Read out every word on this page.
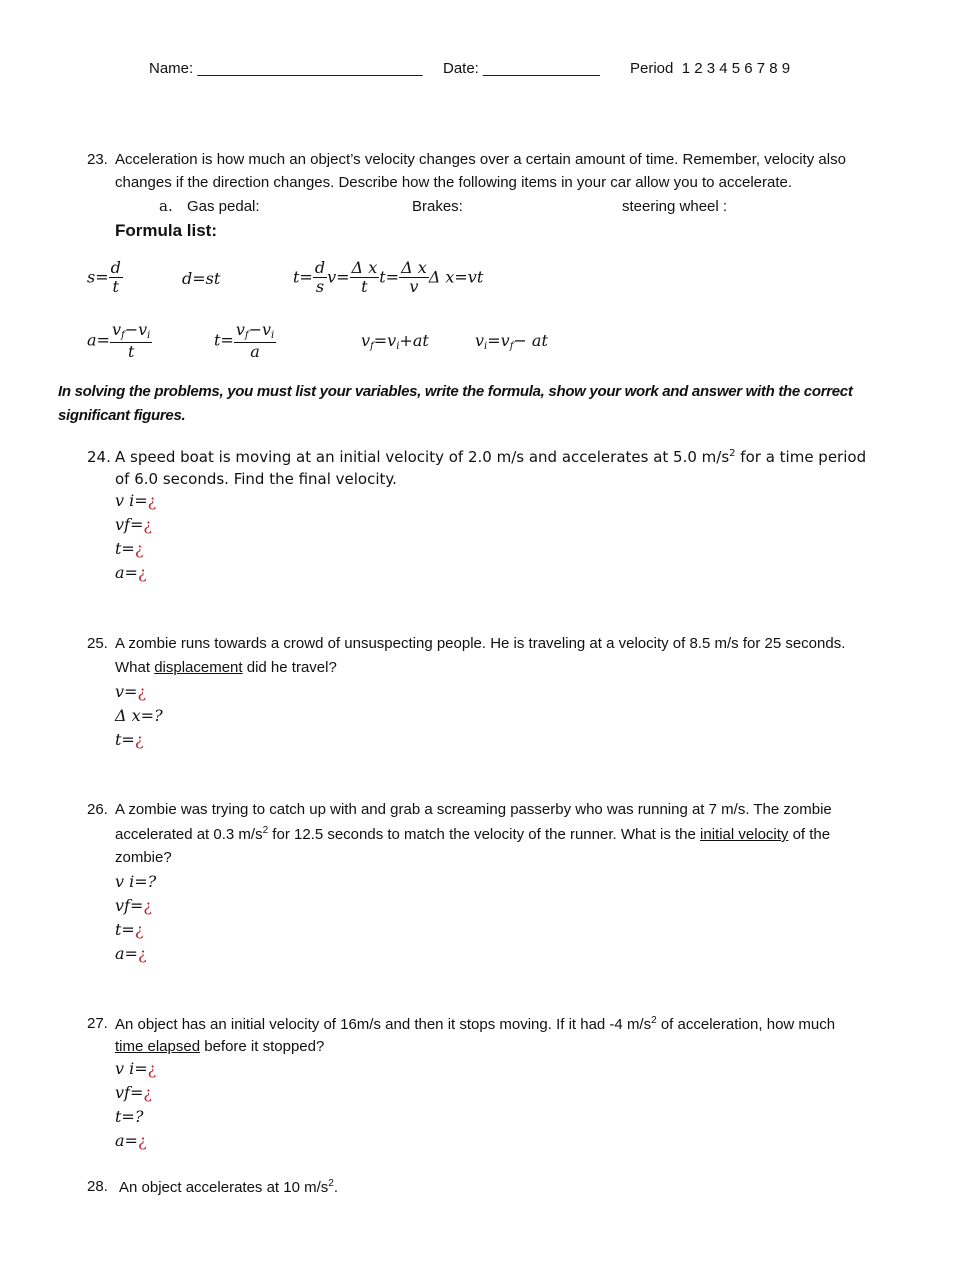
Name: ___________________________ Date: ______________ Period 1 2 3 4 5 6 7 8 9
23. Acceleration is how much an object’s velocity changes over a certain amount of time. Remember, velocity also
changes if the direction changes. Describe how the following items in your car allow you to accelerate.
a. Gas pedal:	Brakes:	steering wheel :
Formula list:
$s= \frac{d}{t}$	d=st	$t= \frac{d}{s} v= \frac{\text{Δ x}}{t} t= \frac{\text{Δ x}}{v}$ Δ x=vt
$a= \frac{v_f-v_i}{t}$	$t= \frac{v_f-v_i}{a}$	$v_f=v_i+at$	$v_i=v_f-$ at
In solving the problems, you must list your variables, write the formula, show your work and answer with the correct
significant figures.
24. A speed boat is moving at an initial velocity of 2.0 m/s and accelerates at 5.0 $m/s^2$ for a time period
of 6.0 seconds. Find the final velocity.
v i=¿
vf=¿
t=¿
a=¿
25. A zombie runs towards a crowd of unsuspecting people. He is traveling at a velocity of 8.5 m/s for 25 seconds.
What displacement did he travel?
v=¿
Δ x=?
t=¿
26. A zombie was trying to catch up with and grab a screaming passerby who was running at 7 m/s. The zombie
accelerated at 0.3 $m/s^2$ for 12.5 seconds to match the velocity of the runner. What is the initial velocity of the
zombie?
v i=?
vf=¿
t=¿
a=¿
27. An object has an initial velocity of 16m/s and then it stops moving. If it had -4 $m/s^2$ of acceleration, how much
time elapsed before it stopped?
v i=¿
vf=¿
t=?
a=¿
28. An object accelerates at 10 $m/s^2$.
